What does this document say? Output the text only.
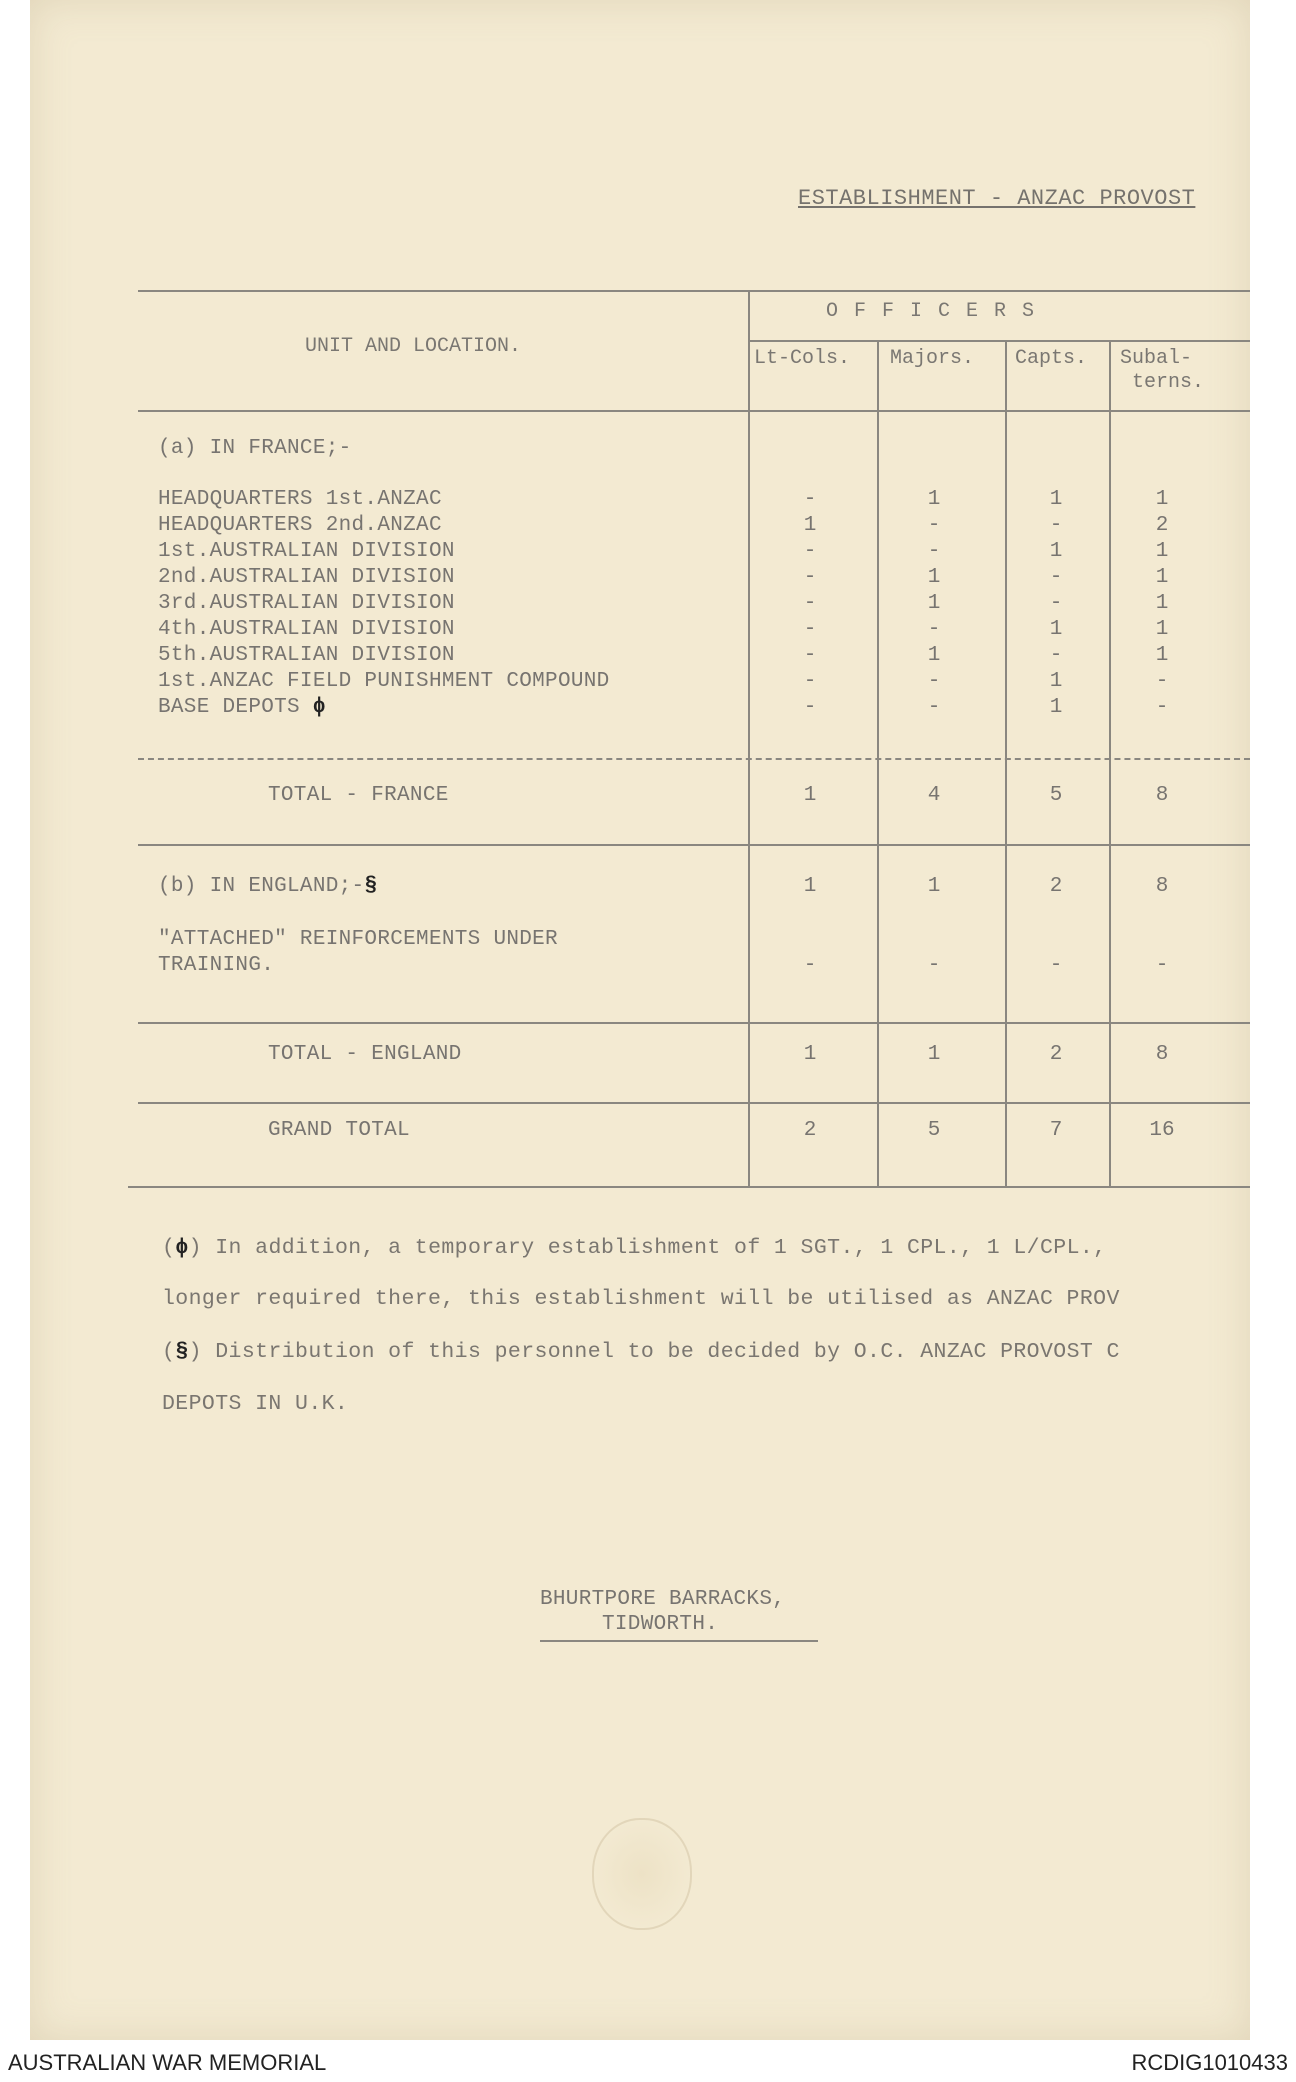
ESTABLISHMENT - ANZAC PROVOST
UNIT AND LOCATION.
O F F I C E R S
Lt-Cols. Majors. Capts. Subal-
terns.
(a) IN FRANCE;-
HEADQUARTERS 1st.ANZAC	-	1	1	1
HEADQUARTERS 2nd.ANZAC	1	-	-	2
1st.AUSTRALIAN DIVISION	-	-	1	1
2nd.AUSTRALIAN DIVISION	-	1	-	1
3rd.AUSTRALIAN DIVISION	-	1	-	1
4th.AUSTRALIAN DIVISION	-	-	1	1
5th.AUSTRALIAN DIVISION	-	1	-	1
1st.ANZAC FIELD PUNISHMENT COMPOUND	-	-	1	-
BASE DEPOTS ϕ	-	-	1	-
TOTAL - FRANCE	1	4	5	8
(b) IN ENGLAND;-§	1	1	2	8
"ATTACHED" REINFORCEMENTS UNDER
TRAINING.	-	-	-	-
TOTAL - ENGLAND	1	1	2	8
GRAND TOTAL	2	5	7	16
(ϕ) In addition, a temporary establishment of 1 SGT., 1 CPL., 1 L/CPL.,
longer required there, this establishment will be utilised as ANZAC PROV
(§) Distribution of this personnel to be decided by O.C. ANZAC PROVOST C
DEPOTS IN U.K.
BHURTPORE BARRACKS,
TIDWORTH.
AUSTRALIAN WAR MEMORIAL	RCDIG1010433
